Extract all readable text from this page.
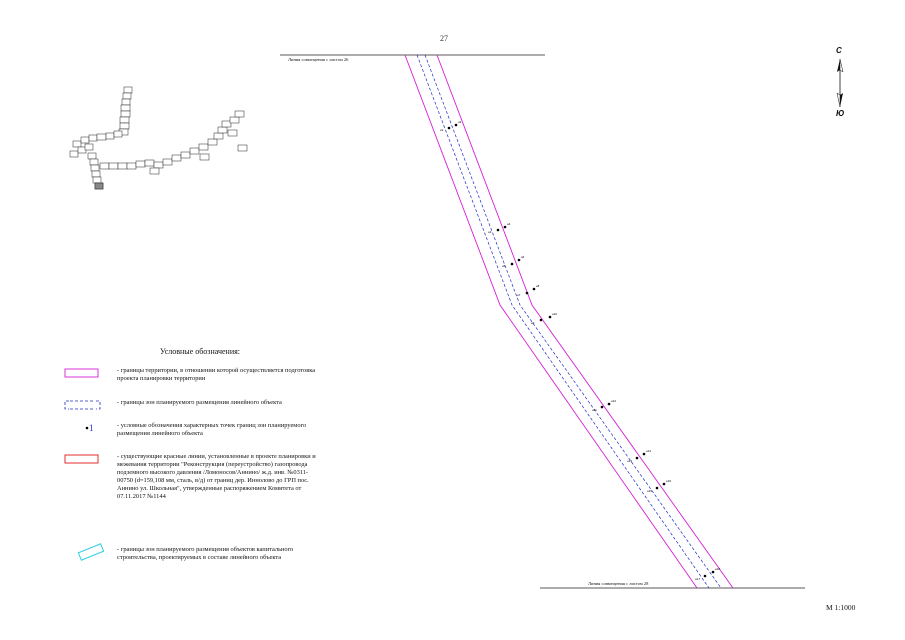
27
н1
н2
н3
н4
н5
н6
н7
н8
н9
н10
н11
н12
н13
н14
н15
н16
н17
н18
1
Линия совмещения с листом 26
Линия совмещения с листом 28
С
Ю
Условные обозначения:
- границы территории, в отношении которой осуществляется подготовка проекта планировки территории
- границы зон планируемого размещения линейного объекта
- условные обозначения характерных точек границ зон планируемого размещения линейного объекта
- существующие красные линии, установленные в проекте планировки и межевания территории "Реконструкция (переустройство) газопровода подземного высокого давления /Ломоносов/Аннино/ ж.д. инв. №0311-00750 (d=159,108 мм, сталь, в/д) от границ дер. Иннолово до ГРП пос. Аннино ул. Школьная", утвержденные распоряжением Комитета от 07.11.2017 №1144
- границы зон планируемого размещения объектов капитального строительства, проектируемых в составе линейного объекта
М 1:1000
